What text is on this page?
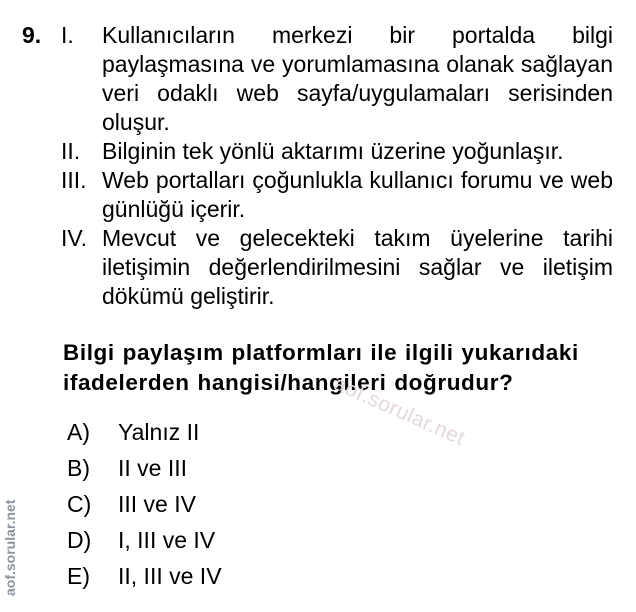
9. I.	Kullanıcıların merkezi bir portalda bilgi paylaşmasına ve yorumlamasına olanak sağlayan veri odaklı web sayfa/uygulamaları serisinden oluşur.
II. Bilginin tek yönlü aktarımı üzerine yoğunlaşır.
III. Web portalları çoğunlukla kullanıcı forumu ve web günlüğü içerir.
IV. Mevcut ve gelecekteki takım üyelerine tarihi iletişimin değerlendirilmesini sağlar ve iletişim dökümü geliştirir.
Bilgi paylaşım platformları ile ilgili yukarıdaki ifadelerden hangisi/hangileri doğrudur?
A)	Yalnız II
B)	II ve III
C)	III ve IV
D)	I, III ve IV
E)	II, III ve IV
aof.sorular.net
aof.sorular.net
